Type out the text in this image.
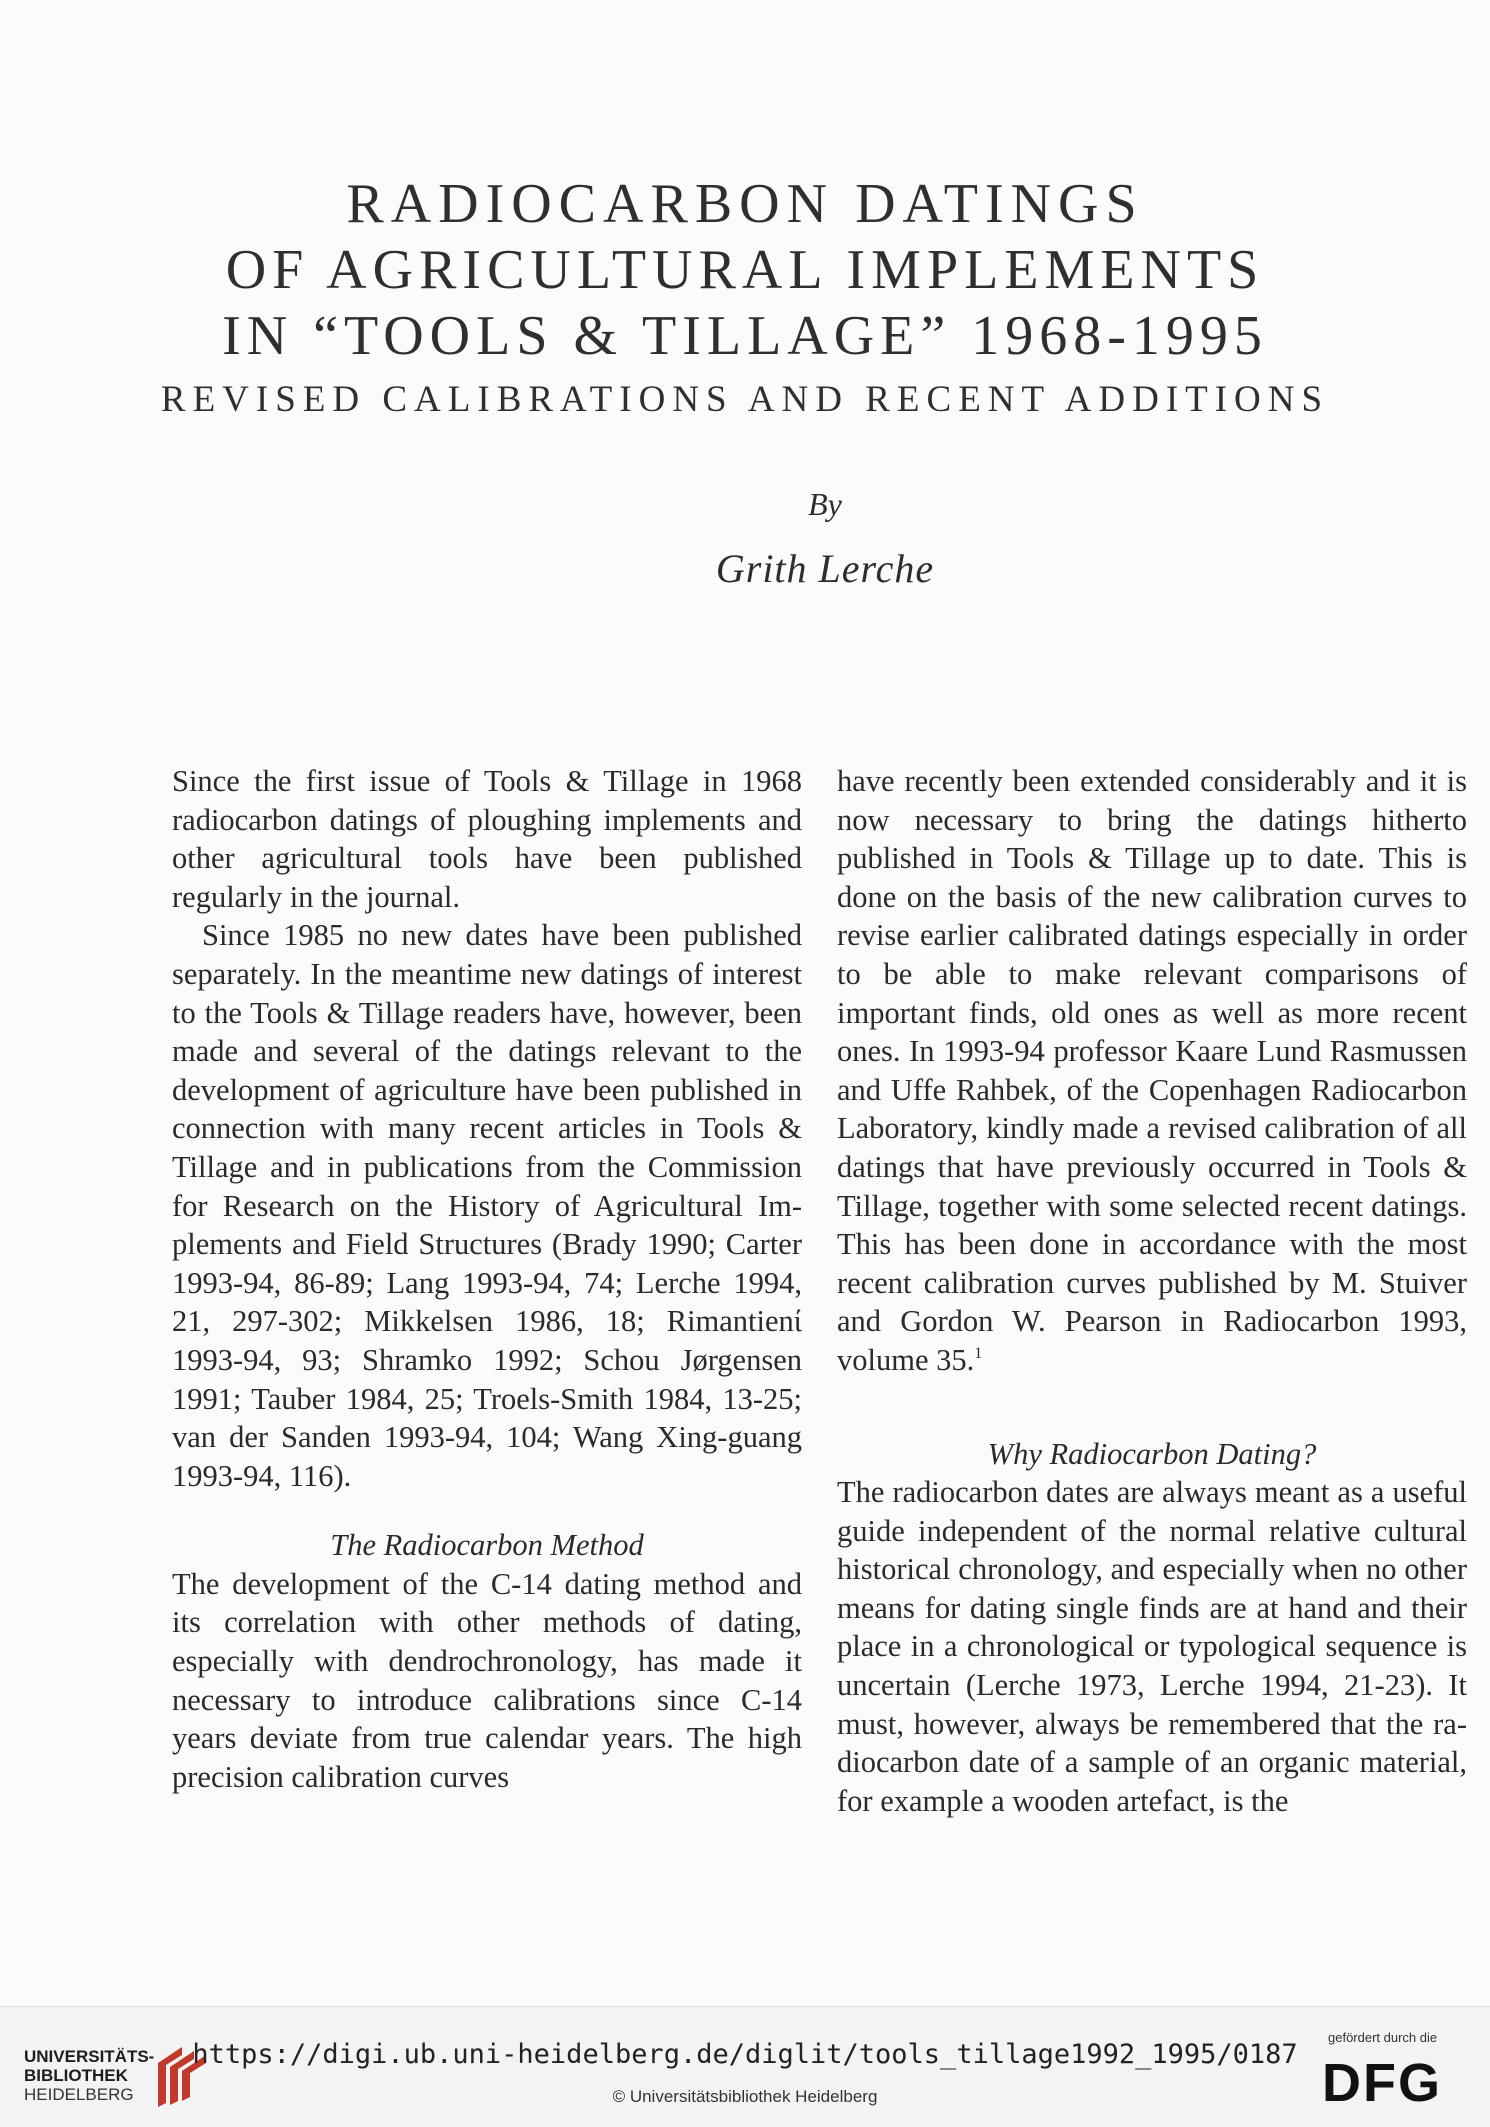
RADIOCARBON DATINGS
OF AGRICULTURAL IMPLEMENTS
IN “TOOLS & TILLAGE” 1968-1995
REVISED CALIBRATIONS AND RECENT ADDITIONS
By
Grith Lerche

Since the first issue of Tools & Tillage in 1968 radiocarbon datings of ploughing implements and other agricultural tools have been published regularly in the journal.

Since 1985 no new dates have been published separately. In the meantime new datings of interest to the Tools & Tillage readers have, however, been made and several of the datings relevant to the development of agriculture have been published in connection with many recent articles in Tools & Tillage and in publications from the Commission for Research on the History of Agricultural Implements and Field Structures (Brady 1990; Carter 1993-94, 86-89; Lang 1993-94, 74; Lerche 1994, 21, 297-302; Mikkelsen 1986, 18; Rimantienί 1993-94, 93; Shramko 1992; Schou Jørgensen 1991; Tauber 1984, 25; Troels-Smith 1984, 13-25; van der Sanden 1993-94, 104; Wang Xing-guang 1993-94, 116).

The Radiocarbon Method

The development of the C-14 dating method and its correlation with other methods of dating, especially with dendrochronology, has made it necessary to introduce calibrations since C-14 years deviate from true calendar years. The high precision calibration curves

have recently been extended considerably and it is now necessary to bring the datings hitherto published in Tools & Tillage up to date. This is done on the basis of the new calibration curves to revise earlier calibrated datings especially in order to be able to make relevant comparisons of important finds, old ones as well as more recent ones. In 1993-94 professor Kaare Lund Rasmussen and Uffe Rahbek, of the Copenhagen Radiocarbon Laboratory, kindly made a revised calibration of all datings that have previously occurred in Tools & Tillage, together with some selected recent datings. This has been done in accordance with the most recent calibration curves published by M. Stuiver and Gordon W. Pearson in Radiocarbon 1993, volume 35.$^1$

Why Radiocarbon Dating?

The radiocarbon dates are always meant as a useful guide independent of the normal relative cultural historical chronology, and especially when no other means for dating single finds are at hand and their place in a chronological or typological sequence is uncertain (Lerche 1973, Lerche 1994, 21-23). It must, however, always be remembered that the radiocarbon date of a sample of an organic material, for example a wooden artefact, is the

UNIVERSITÄTS-
BIBLIOTHEK
HEIDELBERG
https://digi.ub.uni-heidelberg.de/diglit/tools_tillage1992_1995/0187
© Universitätsbibliothek Heidelberg
gefördert durch die
DFG
